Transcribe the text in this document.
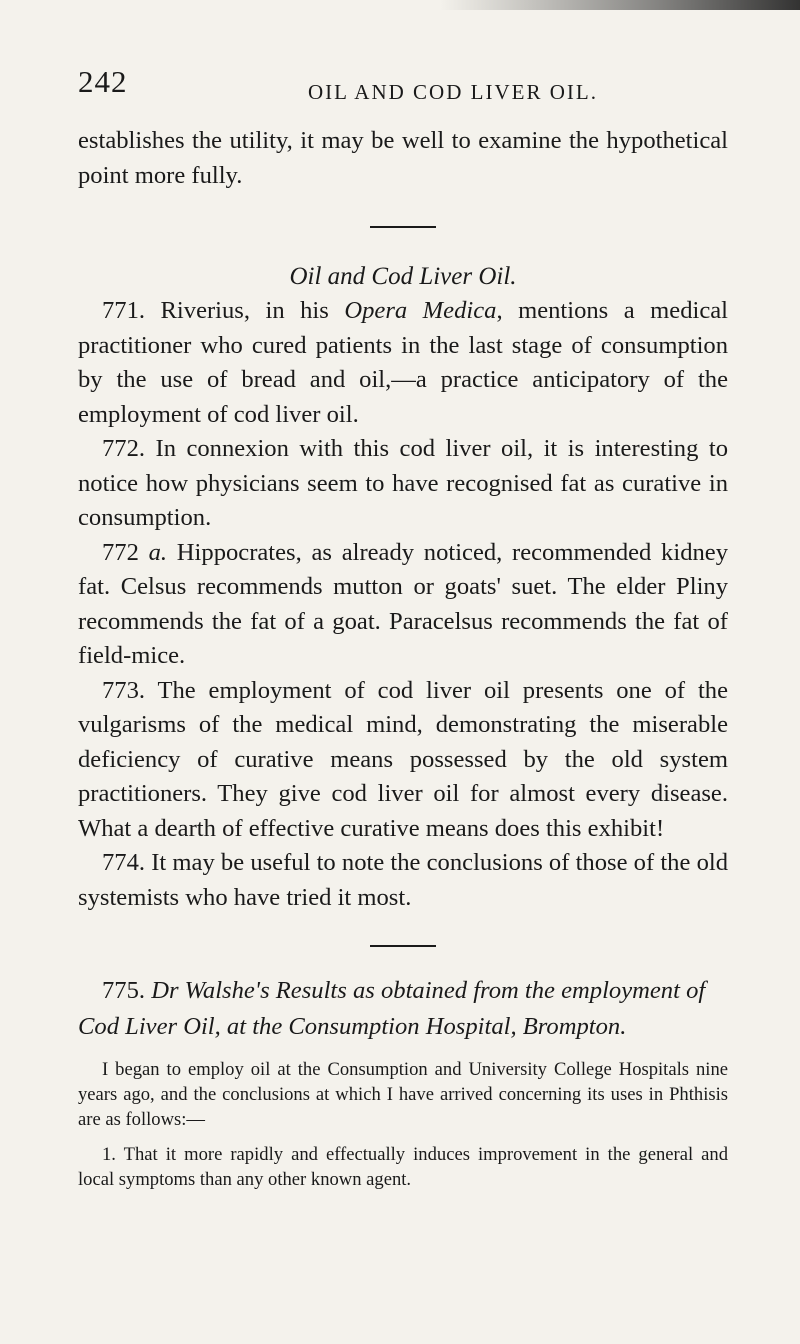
242	OIL AND COD LIVER OIL.

establishes the utility, it may be well to examine the hypothetical point more fully.

Oil and Cod Liver Oil.

771. Riverius, in his Opera Medica, mentions a medical practitioner who cured patients in the last stage of consumption by the use of bread and oil,—a practice anticipatory of the employment of cod liver oil.

772. In connexion with this cod liver oil, it is interesting to notice how physicians seem to have recognised fat as curative in consumption.

772 a. Hippocrates, as already noticed, recommended kidney fat. Celsus recommends mutton or goats' suet. The elder Pliny recommends the fat of a goat. Paracelsus recommends the fat of field-mice.

773. The employment of cod liver oil presents one of the vulgarisms of the medical mind, demonstrating the miserable deficiency of curative means possessed by the old system practitioners. They give cod liver oil for almost every disease. What a dearth of effective curative means does this exhibit!

774. It may be useful to note the conclusions of those of the old systemists who have tried it most.

775. Dr Walshe's Results as obtained from the employment of Cod Liver Oil, at the Consumption Hospital, Brompton.

I began to employ oil at the Consumption and University College Hospitals nine years ago, and the conclusions at which I have arrived concerning its uses in Phthisis are as follows:—

1. That it more rapidly and effectually induces improvement in the general and local symptoms than any other known agent.
